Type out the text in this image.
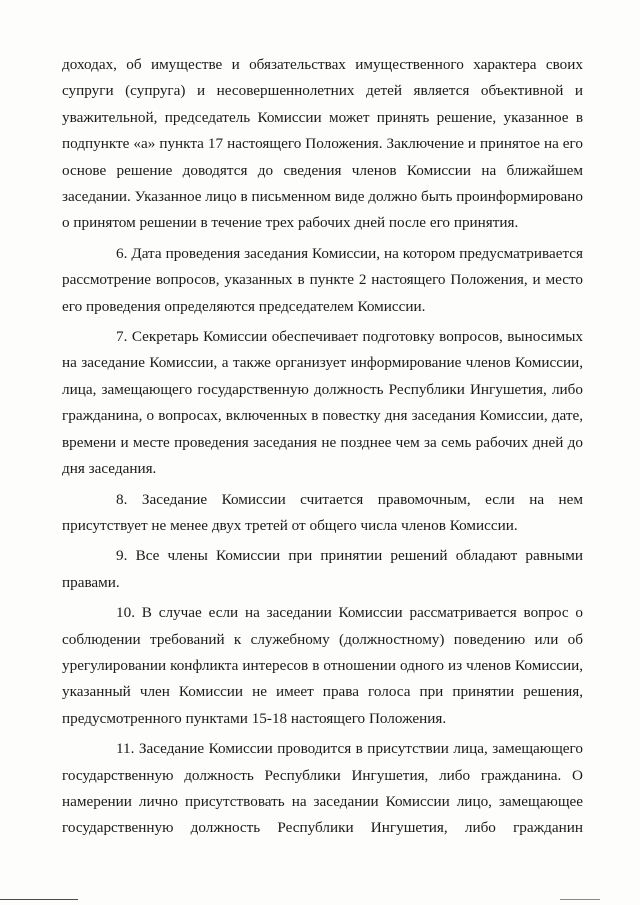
доходах, об имуществе и обязательствах имущественного характера своих супруги (супруга) и несовершеннолетних детей является объективной и уважительной, председатель Комиссии может принять решение, указанное в подпункте «а» пункта 17 настоящего Положения. Заключение и принятое на его основе решение доводятся до сведения членов Комиссии на ближайшем заседании. Указанное лицо в письменном виде должно быть проинформировано о принятом решении в течение трех рабочих дней после его принятия.

6. Дата проведения заседания Комиссии, на котором предусматривается рассмотрение вопросов, указанных в пункте 2 настоящего Положения, и место его проведения определяются председателем Комиссии.

7. Секретарь Комиссии обеспечивает подготовку вопросов, выносимых на заседание Комиссии, а также организует информирование членов Комиссии, лица, замещающего государственную должность Республики Ингушетия, либо гражданина, о вопросах, включенных в повестку дня заседания Комиссии, дате, времени и месте проведения заседания не позднее чем за семь рабочих дней до дня заседания.

8. Заседание Комиссии считается правомочным, если на нем присутствует не менее двух третей от общего числа членов Комиссии.

9. Все члены Комиссии при принятии решений обладают равными правами.

10. В случае если на заседании Комиссии рассматривается вопрос о соблюдении требований к служебному (должностному) поведению или об урегулировании конфликта интересов в отношении одного из членов Комиссии, указанный член Комиссии не имеет права голоса при принятии решения, предусмотренного пунктами 15-18 настоящего Положения.

11. Заседание Комиссии проводится в присутствии лица, замещающего государственную должность Республики Ингушетия, либо гражданина. О намерении лично присутствовать на заседании Комиссии лицо, замещающее государственную должность Республики Ингушетия, либо гражданин
